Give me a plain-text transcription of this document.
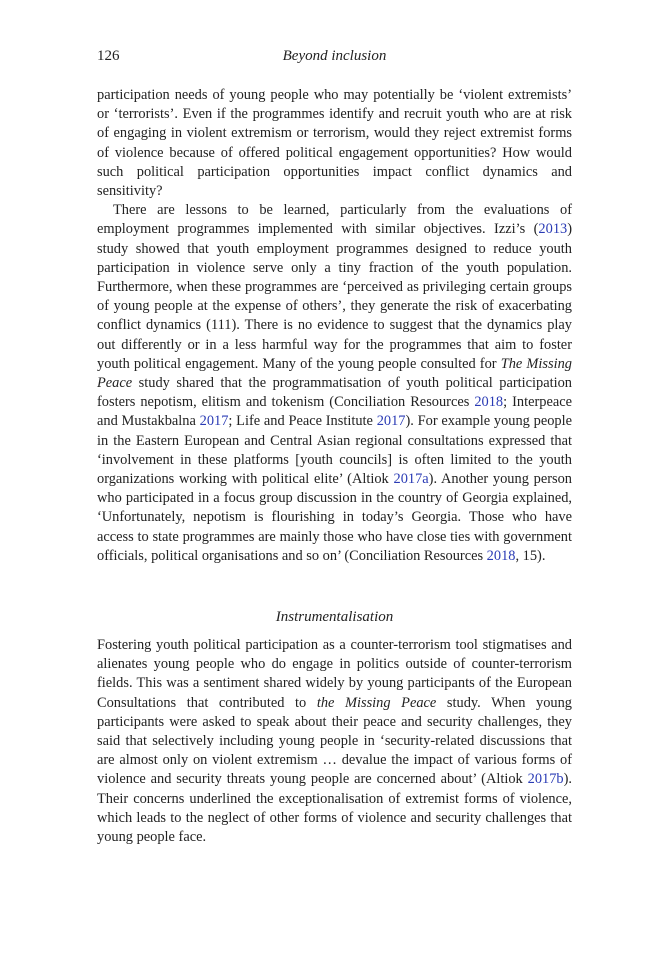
126	Beyond inclusion

participation needs of young people who may potentially be ‘violent extremists’ or ‘terrorists’. Even if the programmes identify and recruit youth who are at risk of engaging in violent extremism or terrorism, would they reject extremist forms of violence because of offered political engagement opportunities? How would such political participation opportunities impact conflict dynamics and sensitivity?

There are lessons to be learned, particularly from the evaluations of employment programmes implemented with similar objectives. Izzi’s (2013) study showed that youth employment programmes designed to reduce youth participation in violence serve only a tiny fraction of the youth population. Furthermore, when these programmes are ‘perceived as privileging certain groups of young people at the expense of others’, they generate the risk of exacerbating conflict dynamics (111). There is no evidence to suggest that the dynamics play out differently or in a less harmful way for the programmes that aim to foster youth political engagement. Many of the young people consulted for The Missing Peace study shared that the programmatisation of youth political participation fosters nepotism, elitism and tokenism (Conciliation Resources 2018; Interpeace and Mustakbalna 2017; Life and Peace Institute 2017). For example young people in the Eastern European and Central Asian regional consultations expressed that ‘involvement in these platforms [youth councils] is often limited to the youth organizations working with political elite’ (Altiok 2017a). Another young person who participated in a focus group discussion in the country of Georgia explained, ‘Unfortunately, nepotism is flourishing in today’s Georgia. Those who have access to state programmes are mainly those who have close ties with government officials, political organisations and so on’ (Conciliation Resources 2018, 15).

Instrumentalisation

Fostering youth political participation as a counter-terrorism tool stigmatises and alienates young people who do engage in politics outside of counter-terrorism fields. This was a sentiment shared widely by young participants of the European Consultations that contributed to the Missing Peace study. When young participants were asked to speak about their peace and security challenges, they said that selectively including young people in ‘security-related discussions that are almost only on violent extremism … devalue the impact of various forms of violence and security threats young people are concerned about’ (Altiok 2017b). Their concerns underlined the exceptionalisation of extremist forms of violence, which leads to the neglect of other forms of violence and security challenges that young people face.
